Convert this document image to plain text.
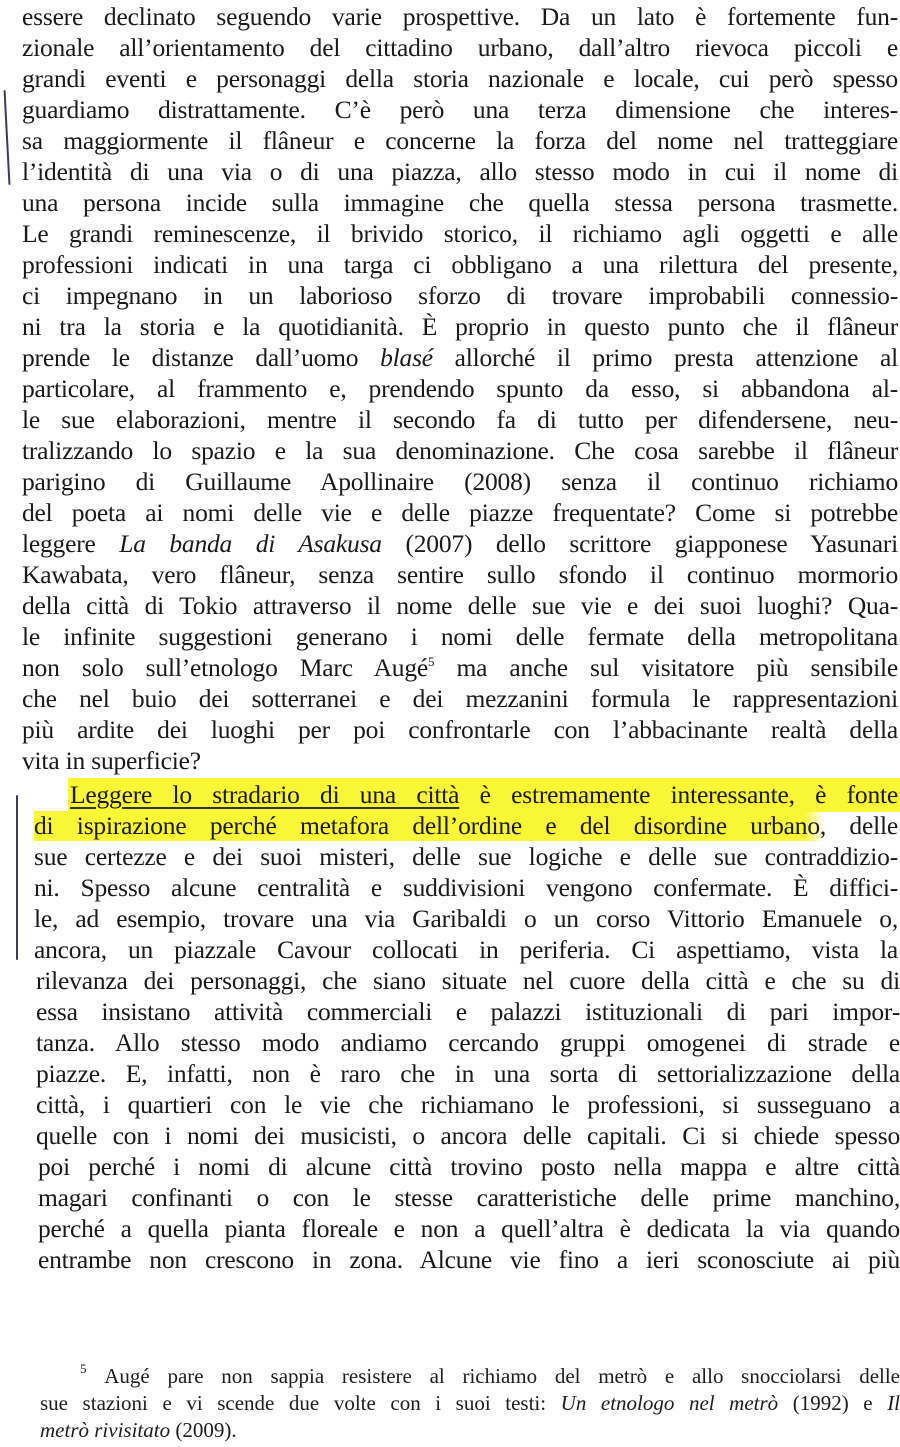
essere declinato seguendo varie prospettive. Da un lato è fortemente fun-
zionale all’orientamento del cittadino urbano, dall’altro rievoca piccoli e
grandi eventi e personaggi della storia nazionale e locale, cui però spesso
guardiamo distrattamente. C’è però una terza dimensione che interes-
sa maggiormente il flâneur e concerne la forza del nome nel tratteggiare
l’identità di una via o di una piazza, allo stesso modo in cui il nome di
una persona incide sulla immagine che quella stessa persona trasmette.
Le grandi reminescenze, il brivido storico, il richiamo agli oggetti e alle
professioni indicati in una targa ci obbligano a una rilettura del presente,
ci impegnano in un laborioso sforzo di trovare improbabili connessio-
ni tra la storia e la quotidianità. È proprio in questo punto che il flâneur
prende le distanze dall’uomo blasé allorché il primo presta attenzione al
particolare, al frammento e, prendendo spunto da esso, si abbandona al-
le sue elaborazioni, mentre il secondo fa di tutto per difendersene, neu-
tralizzando lo spazio e la sua denominazione. Che cosa sarebbe il flâneur
parigino di Guillaume Apollinaire (2008) senza il continuo richiamo
del poeta ai nomi delle vie e delle piazze frequentate? Come si potrebbe
leggere La banda di Asakusa (2007) dello scrittore giapponese Yasunari
Kawabata, vero flâneur, senza sentire sullo sfondo il continuo mormorio
della città di Tokio attraverso il nome delle sue vie e dei suoi luoghi? Qua-
le infinite suggestioni generano i nomi delle fermate della metropolitana
non solo sull’etnologo Marc Augé$^5$ ma anche sul visitatore più sensibile
che nel buio dei sotterranei e dei mezzanini formula le rappresentazioni
più ardite dei luoghi per poi confrontarle con l’abbacinante realtà della
vita in superficie?
Leggere lo stradario di una città è estremamente interessante, è fonte
di ispirazione perché metafora dell’ordine e del disordine urbano, delle
sue certezze e dei suoi misteri, delle sue logiche e delle sue contraddizio-
ni. Spesso alcune centralità e suddivisioni vengono confermate. È diffici-
le, ad esempio, trovare una via Garibaldi o un corso Vittorio Emanuele o,
ancora, un piazzale Cavour collocati in periferia. Ci aspettiamo, vista la
rilevanza dei personaggi, che siano situate nel cuore della città e che su di
essa insistano attività commerciali e palazzi istituzionali di pari impor-
tanza. Allo stesso modo andiamo cercando gruppi omogenei di strade e
piazze. E, infatti, non è raro che in una sorta di settorializzazione della
città, i quartieri con le vie che richiamano le professioni, si susseguano a
quelle con i nomi dei musicisti, o ancora delle capitali. Ci si chiede spesso
poi perché i nomi di alcune città trovino posto nella mappa e altre città
magari confinanti o con le stesse caratteristiche delle prime manchino,
perché a quella pianta floreale e non a quell’altra è dedicata la via quando
entrambe non crescono in zona. Alcune vie fino a ieri sconosciute ai più
$^5$ Augé pare non sappia resistere al richiamo del metrò e allo snocciolarsi delle
sue stazioni e vi scende due volte con i suoi testi: Un etnologo nel metrò (1992) e Il
metrò rivisitato (2009).
